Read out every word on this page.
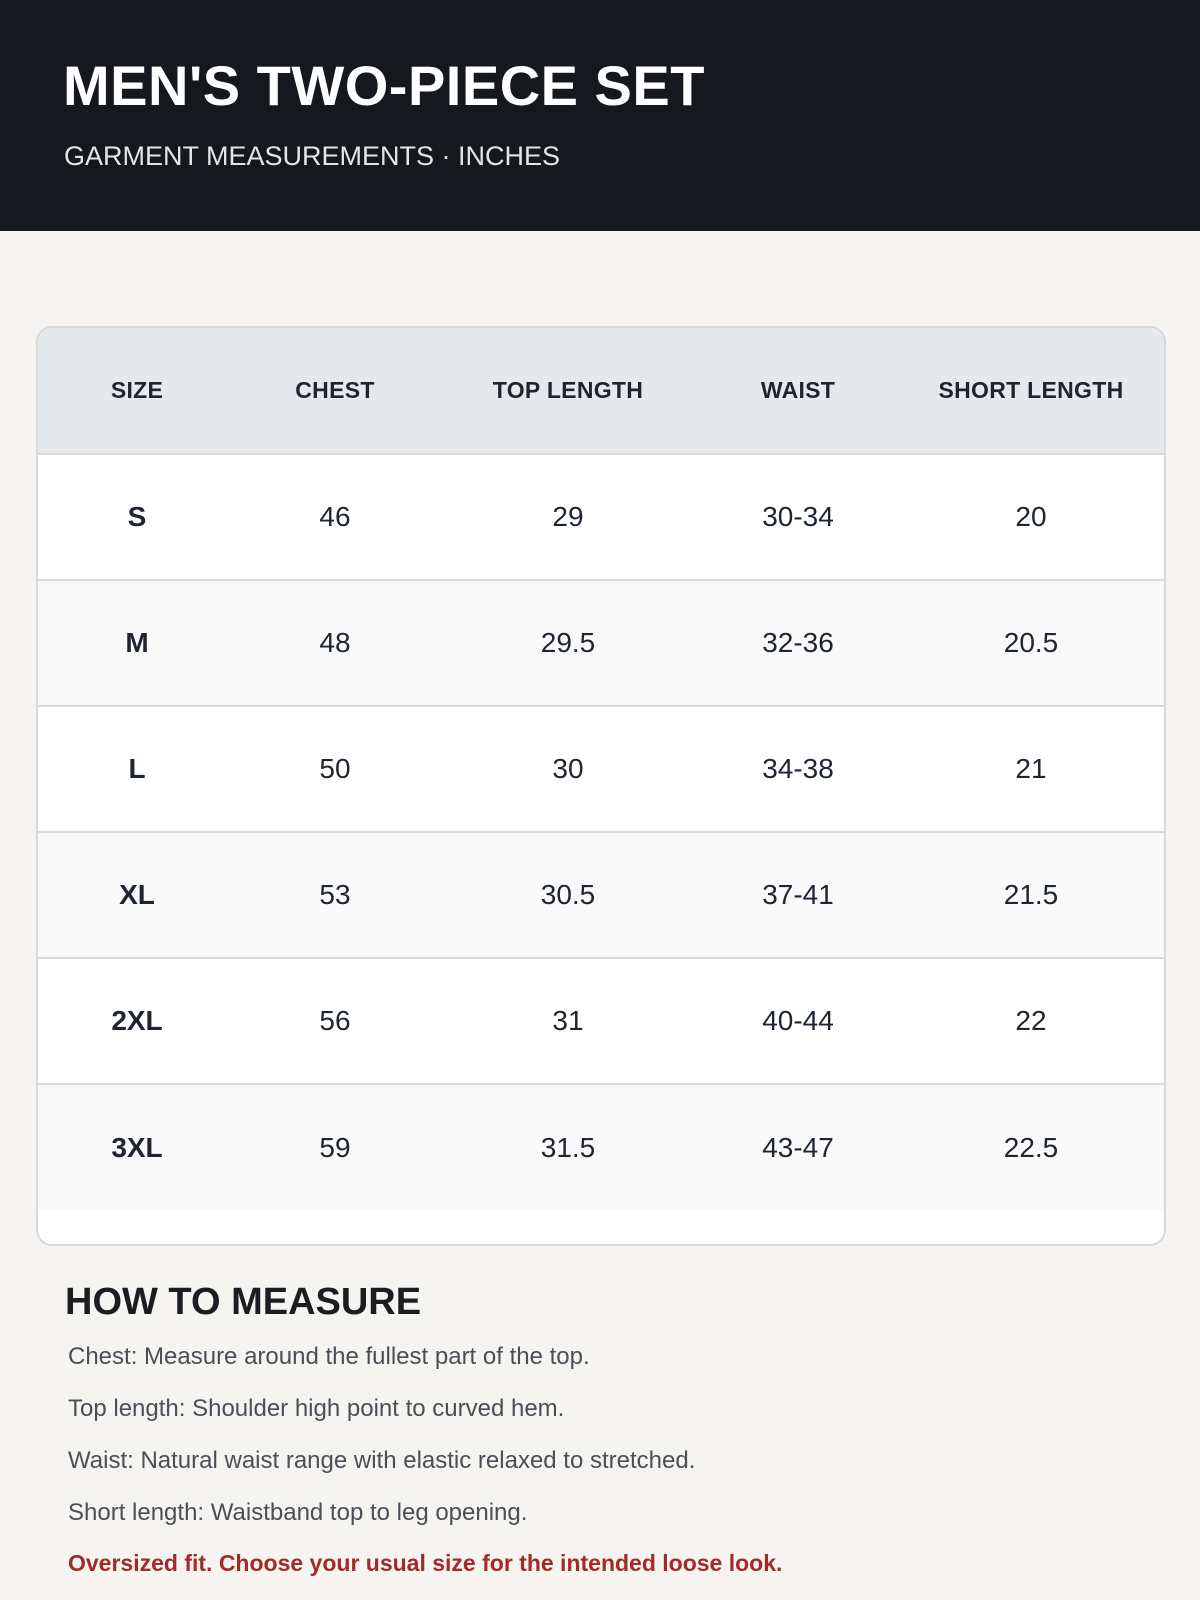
MEN'S TWO-PIECE SET
GARMENT MEASUREMENTS · INCHES
SIZE	CHEST	TOP LENGTH	WAIST	SHORT LENGTH
S	46	29	30-34	20
M	48	29.5	32-36	20.5
L	50	30	34-38	21
XL	53	30.5	37-41	21.5
2XL	56	31	40-44	22
3XL	59	31.5	43-47	22.5
HOW TO MEASURE

Chest: Measure around the fullest part of the top.

Top length: Shoulder high point to curved hem.

Waist: Natural waist range with elastic relaxed to stretched.

Short length: Waistband top to leg opening.

Oversized fit. Choose your usual size for the intended loose look.
